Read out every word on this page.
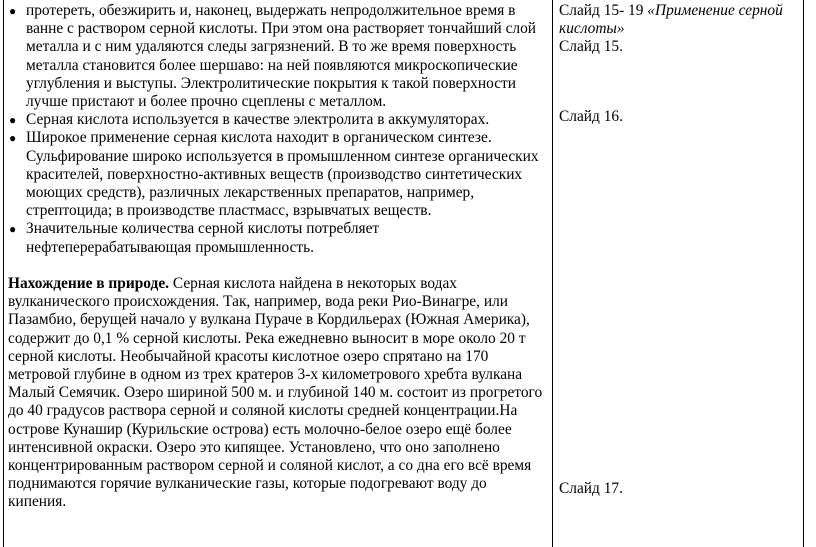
● протереть, обезжирить и, наконец, выдержать непродолжительное время в
ванне с раствором серной кислоты. При этом она растворяет тончайший слой
металла и с ним удаляются следы загрязнений. В то же время поверхность
металла становится более шершаво: на ней появляются микроскопические
углубления и выступы. Электролитические покрытия к такой поверхности
лучше пристают и более прочно сцеплены с металлом.
● Серная кислота используется в качестве электролита в аккумуляторах.
● Широкое применение серная кислота находит в органическом синтезе.
Сульфирование широко используется в промышленном синтезе органических
красителей, поверхностно-активных веществ (производство синтетических
моющих средств), различных лекарственных препаратов, например,
стрептоцида; в производстве пластмасс, взрывчатых веществ.
● Значительные количества серной кислоты потребляет
нефтеперерабатывающая промышленность.
Нахождение в природе. Серная кислота найдена в некоторых водах
вулканического происхождения. Так, например, вода реки Рио-Винагре, или
Пазамбио, берущей начало у вулкана Пураче в Кордильерах (Южная Америка),
содержит до 0,1 % серной кислоты. Река ежедневно выносит в море около 20 т
серной кислоты. Необычайной красоты кислотное озеро спрятано на 170
метровой глубине в одном из трех кратеров 3-х километрового хребта вулкана
Малый Семячик. Озеро шириной 500 м. и глубиной 140 м. состоит из прогретого
до 40 градусов раствора серной и соляной кислоты средней концентрации.На
острове Кунашир (Курильские острова) есть молочно-белое озеро ещё более
интенсивной окраски. Озеро это кипящее. Установлено, что оно заполнено
концентрированным раствором серной и соляной кислот, а со дна его всё время
поднимаются горячие вулканические газы, которые подогревают воду до
кипения.
Слайд 15- 19 «Применение серной
кислоты»
Слайд 15.
Слайд 16.
Слайд 17.
